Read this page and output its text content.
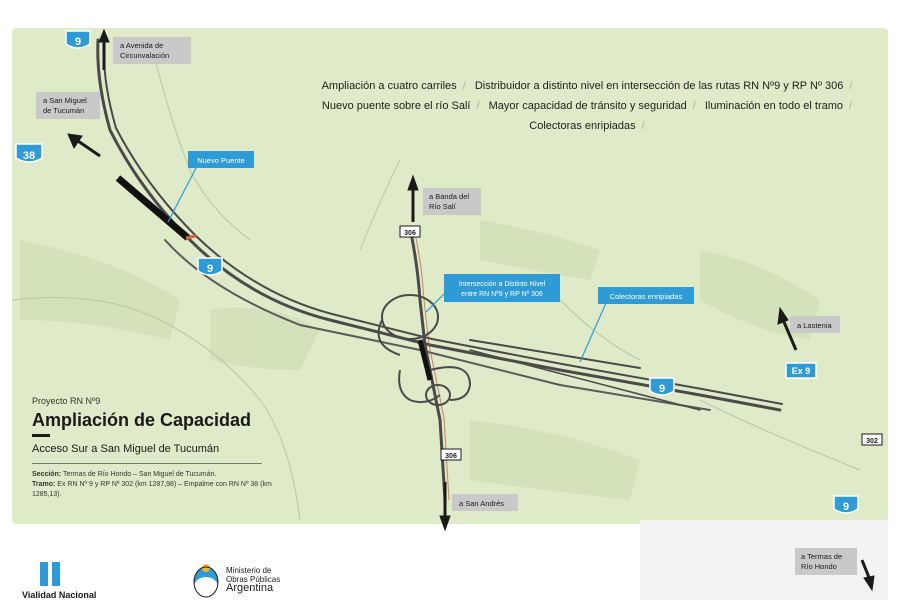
Nuevo Puente
Intersección a Distinto Nivel
entre RN Nº9 y RP Nº 306	Colectoras enripiadas
a Avenida de
Circunvalación
a San Miguel
de Tucumán
a Banda del
Río Salí
a Lastenia
a San Andrés
a Termas de
Río Hondo
9
38
9
9
9
Ex 9
306
306
302
Ampliación a cuatro carriles / Distribuidor a distinto nivel en intersección de las rutas RN Nº9 y RP Nº 306 /
Nuevo puente sobre el río Salí / Mayor capacidad de tránsito y seguridad / Iluminación en todo el tramo /
Colectoras enripiadas /
Proyecto RN Nº9
Ampliación de Capacidad
Acceso Sur a San Miguel de Tucumán
Sección: Termas de Río Hondo – San Miguel de Tucumán.
Tramo: Ex RN Nº 9 y RP Nº 302 (km 1287,98) – Empalme con RN Nº 38 (km 1285,13).
Vialidad Nacional
Ministerio de
Obras Públicas
Argentina
